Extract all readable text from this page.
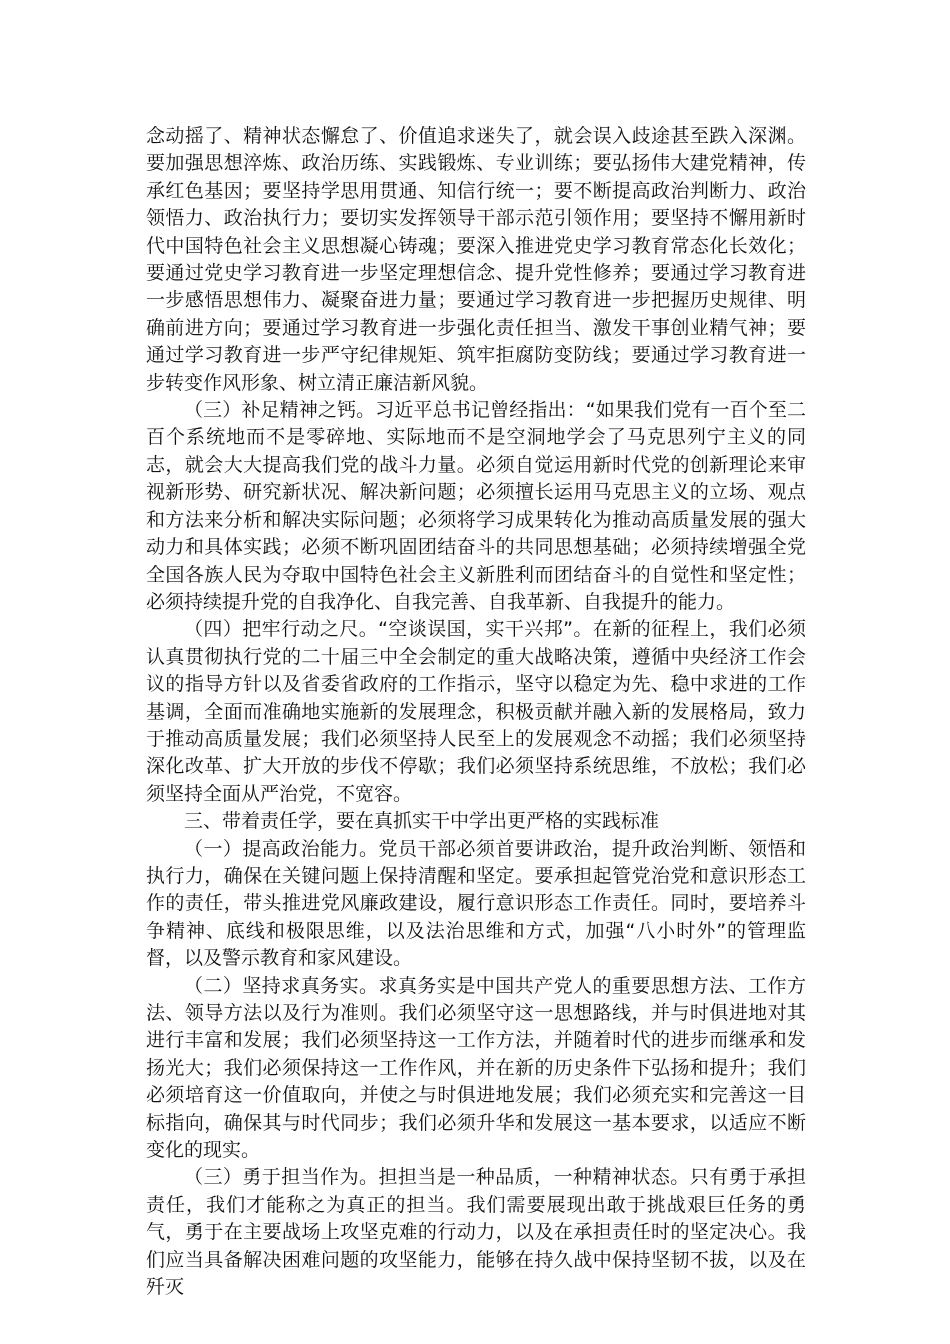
念动摇了、精神状态懈怠了、价值追求迷失了，就会误入歧途甚至跌入深渊。要加强思想淬炼、政治历练、实践锻炼、专业训练；要弘扬伟大建党精神，传承红色基因；要坚持学思用贯通、知信行统一；要不断提高政治判断力、政治领悟力、政治执行力；要切实发挥领导干部示范引领作用；要坚持不懈用新时代中国特色社会主义思想凝心铸魂；要深入推进党史学习教育常态化长效化；要通过党史学习教育进一步坚定理想信念、提升党性修养；要通过学习教育进一步感悟思想伟力、凝聚奋进力量；要通过学习教育进一步把握历史规律、明确前进方向；要通过学习教育进一步强化责任担当、激发干事创业精气神；要通过学习教育进一步严守纪律规矩、筑牢拒腐防变防线；要通过学习教育进一步转变作风形象、树立清正廉洁新风貌。

（三）补足精神之钙。习近平总书记曾经指出：“如果我们党有一百个至二百个系统地而不是零碎地、实际地而不是空洞地学会了马克思列宁主义的同志，就会大大提高我们党的战斗力量。必须自觉运用新时代党的创新理论来审视新形势、研究新状况、解决新问题；必须擅长运用马克思主义的立场、观点和方法来分析和解决实际问题；必须将学习成果转化为推动高质量发展的强大动力和具体实践；必须不断巩固团结奋斗的共同思想基础；必须持续增强全党全国各族人民为夺取中国特色社会主义新胜利而团结奋斗的自觉性和坚定性；必须持续提升党的自我净化、自我完善、自我革新、自我提升的能力。

（四）把牢行动之尺。“空谈误国，实干兴邦”。在新的征程上，我们必须认真贯彻执行党的二十届三中全会制定的重大战略决策，遵循中央经济工作会议的指导方针以及省委省政府的工作指示，坚守以稳定为先、稳中求进的工作基调，全面而准确地实施新的发展理念，积极贡献并融入新的发展格局，致力于推动高质量发展；我们必须坚持人民至上的发展观念不动摇；我们必须坚持深化改革、扩大开放的步伐不停歇；我们必须坚持系统思维，不放松；我们必须坚持全面从严治党，不宽容。

三、带着责任学，要在真抓实干中学出更严格的实践标准

（一）提高政治能力。党员干部必须首要讲政治，提升政治判断、领悟和执行力，确保在关键问题上保持清醒和坚定。要承担起管党治党和意识形态工作的责任，带头推进党风廉政建设，履行意识形态工作责任。同时，要培养斗争精神、底线和极限思维，以及法治思维和方式，加强“八小时外”的管理监督，以及警示教育和家风建设。

（二）坚持求真务实。求真务实是中国共产党人的重要思想方法、工作方法、领导方法以及行为准则。我们必须坚守这一思想路线，并与时俱进地对其进行丰富和发展；我们必须坚持这一工作方法，并随着时代的进步而继承和发扬光大；我们必须保持这一工作作风，并在新的历史条件下弘扬和提升；我们必须培育这一价值取向，并使之与时俱进地发展；我们必须充实和完善这一目标指向，确保其与时代同步；我们必须升华和发展这一基本要求，以适应不断变化的现实。

（三）勇于担当作为。担担当是一种品质，一种精神状态。只有勇于承担责任，我们才能称之为真正的担当。我们需要展现出敢于挑战艰巨任务的勇气，勇于在主要战场上攻坚克难的行动力，以及在承担责任时的坚定决心。我们应当具备解决困难问题的攻坚能力，能够在持久战中保持坚韧不拔，以及在歼灭
